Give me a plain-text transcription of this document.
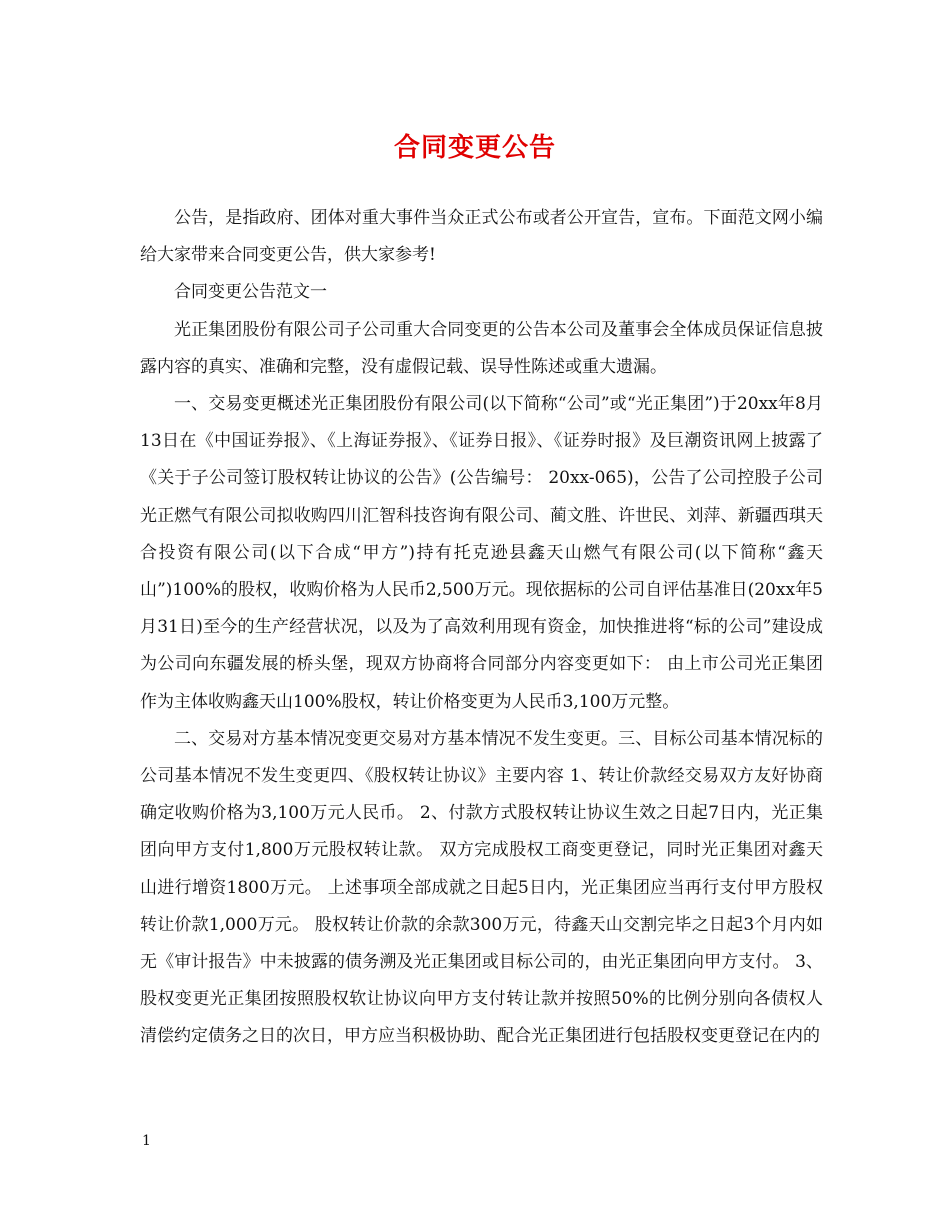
合同变更公告

公告，是指政府、团体对重大事件当众正式公布或者公开宣告，宣布。下面范文网小编给大家带来合同变更公告，供大家参考!

合同变更公告范文一

光正集团股份有限公司子公司重大合同变更的公告本公司及董事会全体成员保证信息披露内容的真实、准确和完整，没有虚假记载、误导性陈述或重大遗漏。

一、交易变更概述光正集团股份有限公司(以下简称“公司”或“光正集团”)于20xx年8月 13日在《中国证券报》、《上海证券报》、《证券日报》、《证券时报》及巨潮资讯网上披露了《关于子公司签订股权转让协议的公告》(公告编号： 20xx-065)，公告了公司控股子公司光正燃气有限公司拟收购四川汇智科技咨询有限公司、蔺文胜、许世民、刘萍、新疆西琪天合投资有限公司(以下合成“甲方”)持有托克逊县鑫天山燃气有限公司(以下简称“鑫天山”)100%的股权，收购价格为人民币2,500万元。现依据标的公司自评估基准日(20xx年5月31日)至今的生产经营状况，以及为了高效利用现有资金，加快推进将“标的公司”建设成为公司向东疆发展的桥头堡，现双方协商将合同部分内容变更如下： 由上市公司光正集团作为主体收购鑫天山100%股权，转让价格变更为人民币3,100万元整。

二、交易对方基本情况变更交易对方基本情况不发生变更。三、目标公司基本情况标的公司基本情况不发生变更四、《股权转让协议》主要内容 1、转让价款经交易双方友好协商确定收购价格为3,100万元人民币。 2、付款方式股权转让协议生效之日起7日内，光正集团向甲方支付1,800万元股权转让款。 双方完成股权工商变更登记，同时光正集团对鑫天山进行增资1800万元。 上述事项全部成就之日起5日内，光正集团应当再行支付甲方股权转让价款1,000万元。 股权转让价款的余款300万元，待鑫天山交割完毕之日起3个月内如无《审计报告》中未披露的债务溯及光正集团或目标公司的，由光正集团向甲方支付。 3、股权变更光正集团按照股权软让协议向甲方支付转让款并按照50%的比例分别向各债权人清偿约定债务之日的次日，甲方应当积极协助、配合光正集团进行包括股权变更登记在内的

1
